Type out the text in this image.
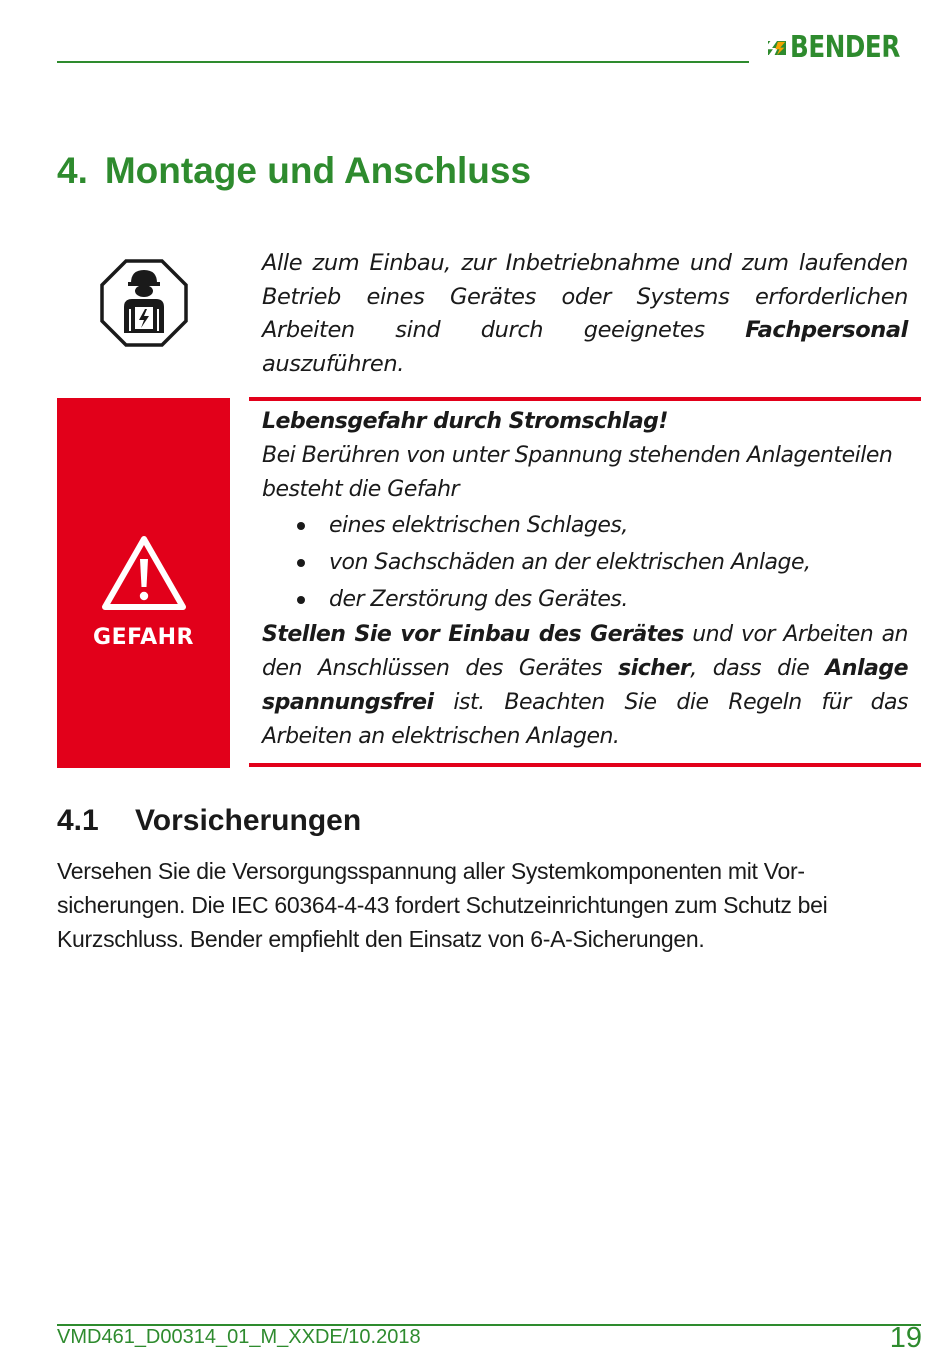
BENDER
4. Montage und Anschluss

Alle zum Einbau, zur Inbetriebnahme und zum laufenden Betrieb eines Gerätes oder Systems erforderlichen Arbeiten sind durch geeignetes Fachpersonal auszuführen.

GEFAHR

Lebensgefahr durch Stromschlag!

Bei Berühren von unter Spannung stehenden Anlagenteilen besteht die Gefahr

eines elektrischen Schlages,
von Sachschäden an der elektrischen Anlage,
der Zerstörung des Gerätes.

Stellen Sie vor Einbau des Gerätes und vor Arbeiten an den Anschlüssen des Gerätes sicher, dass die Anlage spannungsfrei ist. Beachten Sie die Regeln für das Arbeiten an elektrischen Anlagen.

4.1	Vorsicherungen

Versehen Sie die Versorgungsspannung aller Systemkomponenten mit Vorsicherungen. Die IEC 60364-4-43 fordert Schutzeinrichtungen zum Schutz bei Kurzschluss. Bender empfiehlt den Einsatz von 6-A-Sicherungen.

VMD461_D00314_01_M_XXDE/10.2018	19
